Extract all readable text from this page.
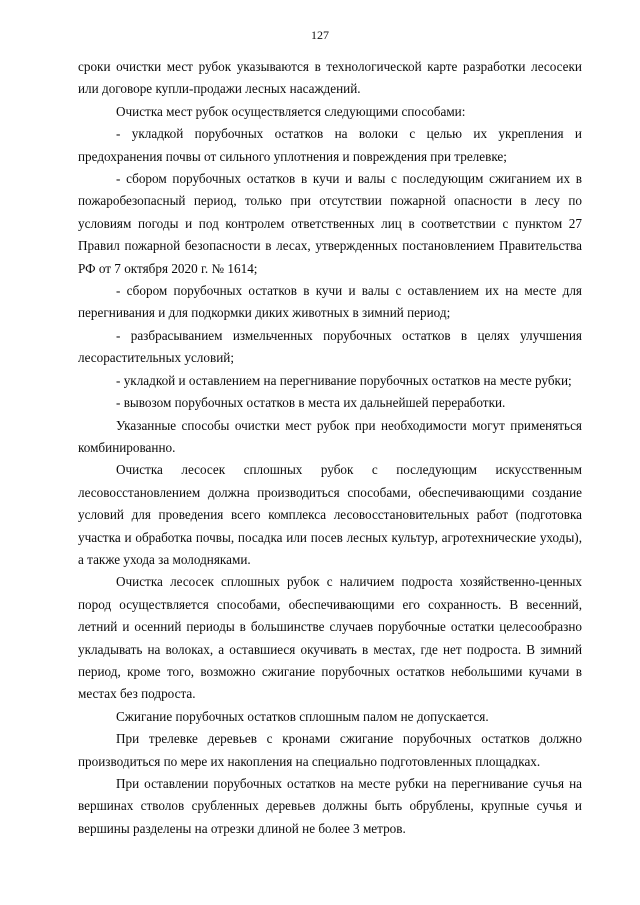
127

сроки очистки мест рубок указываются в технологической карте разработки лесосеки или договоре купли-продажи лесных насаждений.

Очистка мест рубок осуществляется следующими способами:

- укладкой порубочных остатков на волоки с целью их укрепления и предохранения почвы от сильного уплотнения и повреждения при трелевке;

- сбором порубочных остатков в кучи и валы с последующим сжиганием их в пожаробезопасный период, только при отсутствии пожарной опасности в лесу по условиям погоды и под контролем ответственных лиц в соответствии с пунктом 27 Правил пожарной безопасности в лесах, утвержденных постановлением Правительства РФ от 7 октября 2020 г. № 1614;

- сбором порубочных остатков в кучи и валы с оставлением их на месте для перегнивания и для подкормки диких животных в зимний период;

- разбрасыванием измельченных порубочных остатков в целях улучшения лесорастительных условий;

- укладкой и оставлением на перегнивание порубочных остатков на месте рубки;

- вывозом порубочных остатков в места их дальнейшей переработки.

Указанные способы очистки мест рубок при необходимости могут применяться комбинированно.

Очистка лесосек сплошных рубок с последующим искусственным лесовосстановлением должна производиться способами, обеспечивающими создание условий для проведения всего комплекса лесовосстановительных работ (подготовка участка и обработка почвы, посадка или посев лесных культур, агротехнические уходы), а также ухода за молодняками.

Очистка лесосек сплошных рубок с наличием подроста хозяйственно-ценных пород осуществляется способами, обеспечивающими его сохранность. В весенний, летний и осенний периоды в большинстве случаев порубочные остатки целесообразно укладывать на волоках, а оставшиеся окучивать в местах, где нет подроста. В зимний период, кроме того, возможно сжигание порубочных остатков небольшими кучами в местах без подроста.

Сжигание порубочных остатков сплошным палом не допускается.

При трелевке деревьев с кронами сжигание порубочных остатков должно производиться по мере их накопления на специально подготовленных площадках.

При оставлении порубочных остатков на месте рубки на перегнивание сучья на вершинах стволов срубленных деревьев должны быть обрублены, крупные сучья и вершины разделены на отрезки длиной не более 3 метров.
